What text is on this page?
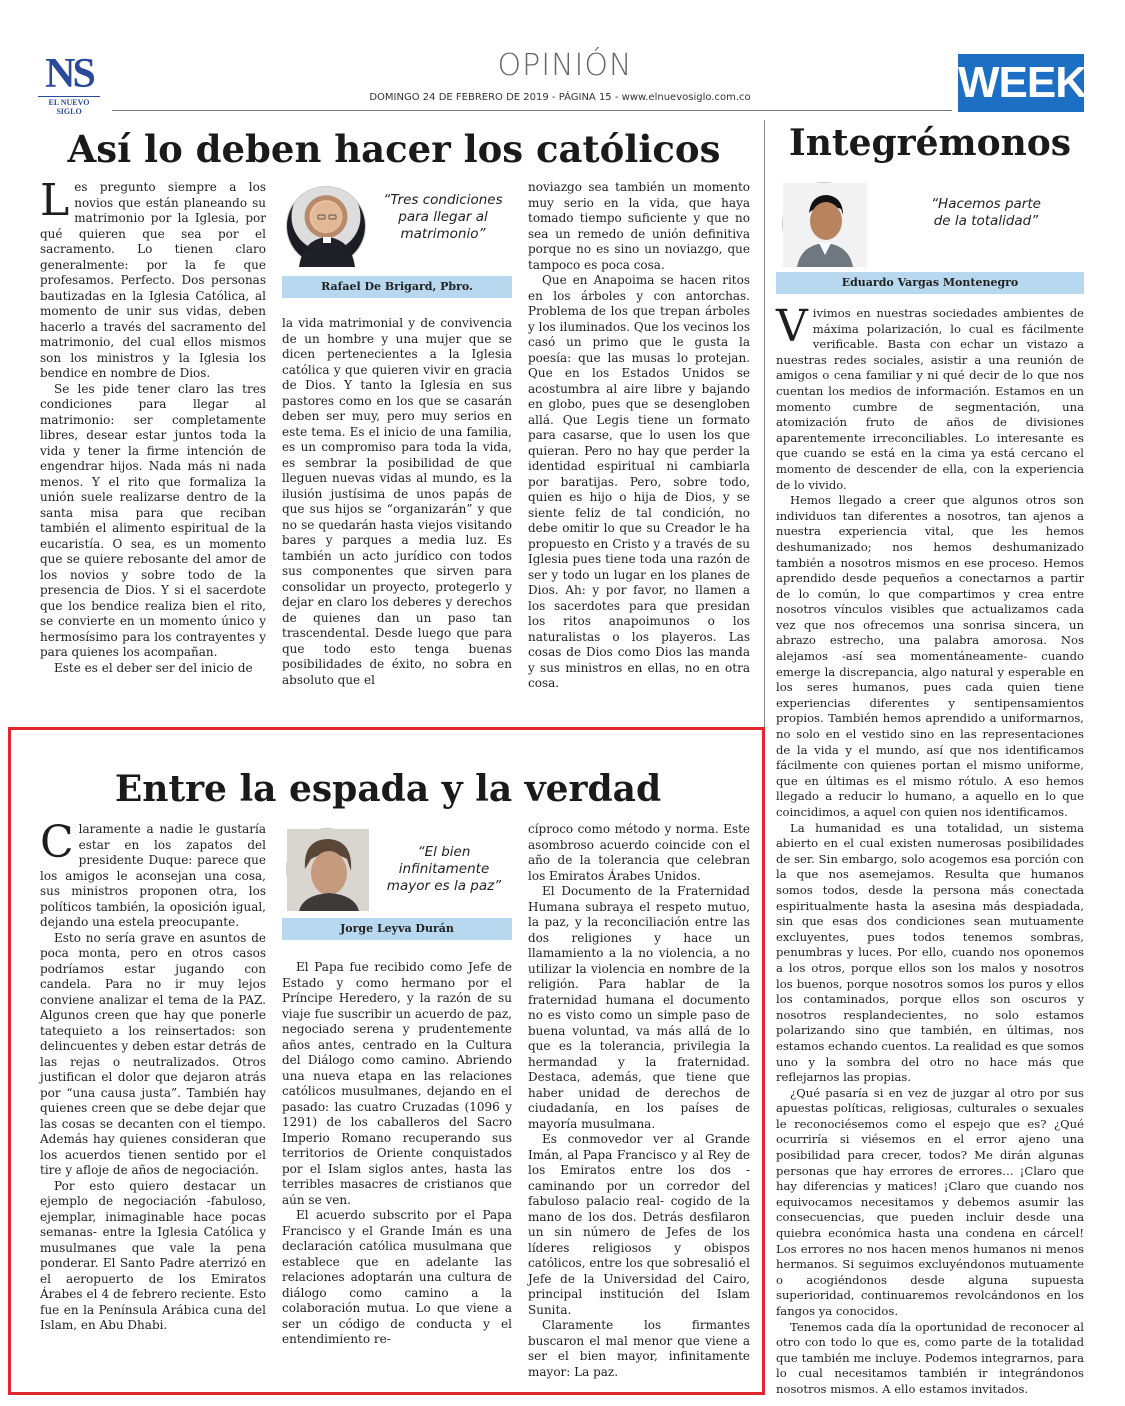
NS
EL NUEVO SIGLO
OPINIÓN
DOMINGO 24 DE FEBRERO DE 2019 - PÁGINA 15 - www.elnuevosiglo.com.co	WEEK
Así lo deben hacer los católicos

Les pregunto siempre a los novios que están planeando su matrimonio por la Iglesia, por qué quieren que sea por el sacramento. Lo tienen claro generalmente: por la fe que profesamos. Perfecto. Dos personas bautizadas en la Iglesia Católica, al momento de unir sus vidas, deben hacerlo a través del sacramento del matrimonio, del cual ellos mismos son los ministros y la Iglesia los bendice en nombre de Dios.

Se les pide tener claro las tres condiciones para llegar al matrimonio: ser completamente libres, desear estar juntos toda la vida y tener la firme intención de engendrar hijos. Nada más ni nada menos. Y el rito que formaliza la unión suele realizarse dentro de la santa misa para que reciban también el alimento espiritual de la eucaristía. O sea, es un momento que se quiere rebosante del amor de los novios y sobre todo de la presencia de Dios. Y si el sacerdote que los bendice realiza bien el rito, se convierte en un momento único y hermosísimo para los contrayentes y para quienes los acompañan.

Este es el deber ser del inicio de

“Tres condiciones para llegar al matrimonio”
Rafael De Brigard, Pbro.

la vida matrimonial y de convivencia de un hombre y una mujer que se dicen pertenecientes a la Iglesia católica y que quieren vivir en gracia de Dios. Y tanto la Iglesia en sus pastores como en los que se casarán deben ser muy, pero muy serios en este tema. Es el inicio de una familia, es un compromiso para toda la vida, es sembrar la posibilidad de que lleguen nuevas vidas al mundo, es la ilusión justísima de unos papás de que sus hijos se “organizarán” y que no se quedarán hasta viejos visitando bares y parques a media luz. Es también un acto jurídico con todos sus componentes que sirven para consolidar un proyecto, protegerlo y dejar en claro los deberes y derechos de quienes dan un paso tan trascendental. Desde luego que para que todo esto tenga buenas posibilidades de éxito, no sobra en absoluto que el

noviazgo sea también un momento muy serio en la vida, que haya tomado tiempo suficiente y que no sea un remedo de unión definitiva porque no es sino un noviazgo, que tampoco es poca cosa.

Que en Anapoima se hacen ritos en los árboles y con antorchas. Problema de los que trepan árboles y los iluminados. Que los vecinos los casó un primo que le gusta la poesía: que las musas lo protejan. Que en los Estados Unidos se acostumbra al aire libre y bajando en globo, pues que se desengloben allá. Que Legis tiene un formato para casarse, que lo usen los que quieran. Pero no hay que perder la identidad espiritual ni cambiarla por baratijas. Pero, sobre todo, quien es hijo o hija de Dios, y se siente feliz de tal condición, no debe omitir lo que su Creador le ha propuesto en Cristo y a través de su Iglesia pues tiene toda una razón de ser y todo un lugar en los planes de Dios. Ah: y por favor, no llamen a los sacerdotes para que presidan los ritos anapoimunos o los naturalistas o los playeros. Las cosas de Dios como Dios las manda y sus ministros en ellas, no en otra cosa.

Integrémonos
“Hacemos parte de la totalidad”
Eduardo Vargas Montenegro

Vivimos en nuestras sociedades ambientes de máxima polarización, lo cual es fácilmente verificable. Basta con echar un vistazo a nuestras redes sociales, asistir a una reunión de amigos o cena familiar y ni qué decir de lo que nos cuentan los medios de información. Estamos en un momento cumbre de segmentación, una atomización fruto de años de divisiones aparentemente irreconciliables. Lo interesante es que cuando se está en la cima ya está cercano el momento de descender de ella, con la experiencia de lo vivido.

Hemos llegado a creer que algunos otros son individuos tan diferentes a nosotros, tan ajenos a nuestra experiencia vital, que les hemos deshumanizado; nos hemos deshumanizado también a nosotros mismos en ese proceso. Hemos aprendido desde pequeños a conectarnos a partir de lo común, lo que compartimos y crea entre nosotros vínculos visibles que actualizamos cada vez que nos ofrecemos una sonrisa sincera, un abrazo estrecho, una palabra amorosa. Nos alejamos -así sea momentáneamente- cuando emerge la discrepancia, algo natural y esperable en los seres humanos, pues cada quien tiene experiencias diferentes y sentipensamientos propios. También hemos aprendido a uniformarnos, no solo en el vestido sino en las representaciones de la vida y el mundo, así que nos identificamos fácilmente con quienes portan el mismo uniforme, que en últimas es el mismo rótulo. A eso hemos llegado a reducir lo humano, a aquello en lo que coincidimos, a aquel con quien nos identificamos.

La humanidad es una totalidad, un sistema abierto en el cual existen numerosas posibilidades de ser. Sin embargo, solo acogemos esa porción con la que nos asemejamos. Resulta que humanos somos todos, desde la persona más conectada espiritualmente hasta la asesina más despiadada, sin que esas dos condiciones sean mutuamente excluyentes, pues todos tenemos sombras, penumbras y luces. Por ello, cuando nos oponemos a los otros, porque ellos son los malos y nosotros los buenos, porque nosotros somos los puros y ellos los contaminados, porque ellos son oscuros y nosotros resplandecientes, no solo estamos polarizando sino que también, en últimas, nos estamos echando cuentos. La realidad es que somos uno y la sombra del otro no hace más que reflejarnos las propias.

¿Qué pasaría si en vez de juzgar al otro por sus apuestas políticas, religiosas, culturales o sexuales le reconociésemos como el espejo que es? ¿Qué ocurriría si viésemos en el error ajeno una posibilidad para crecer, todos? Me dirán algunas personas que hay errores de errores… ¡Claro que hay diferencias y matices! ¡Claro que cuando nos equivocamos necesitamos y debemos asumir las consecuencias, que pueden incluir desde una quiebra económica hasta una condena en cárcel! Los errores no nos hacen menos humanos ni menos hermanos. Si seguimos excluyéndonos mutuamente o acogiéndonos desde alguna supuesta superioridad, continuaremos revolcándonos en los fangos ya conocidos.

Tenemos cada día la oportunidad de reconocer al otro con todo lo que es, como parte de la totalidad que también me incluye. Podemos integrarnos, para lo cual necesitamos también ir integrándonos nosotros mismos. A ello estamos invitados.

Entre la espada y la verdad

Claramente a nadie le gustaría estar en los zapatos del presidente Duque: parece que los amigos le aconsejan una cosa, sus ministros proponen otra, los políticos también, la oposición igual, dejando una estela preocupante.

Esto no sería grave en asuntos de poca monta, pero en otros casos podríamos estar jugando con candela. Para no ir muy lejos conviene analizar el tema de la PAZ. Algunos creen que hay que ponerle tatequieto a los reinsertados: son delincuentes y deben estar detrás de las rejas o neutralizados. Otros justifican el dolor que dejaron atrás por “una causa justa”. También hay quienes creen que se debe dejar que las cosas se decanten con el tiempo. Además hay quienes consideran que los acuerdos tienen sentido por el tire y afloje de años de negociación.

Por esto quiero destacar un ejemplo de negociación -fabuloso, ejemplar, inimaginable hace pocas semanas- entre la Iglesia Católica y musulmanes que vale la pena ponderar. El Santo Padre aterrizó en el aeropuerto de los Emiratos Árabes el 4 de febrero reciente. Esto fue en la Península Arábica cuna del Islam, en Abu Dhabi.

“El bien infinitamente mayor es la paz”
Jorge Leyva Durán

El Papa fue recibido como Jefe de Estado y como hermano por el Príncipe Heredero, y la razón de su viaje fue suscribir un acuerdo de paz, negociado serena y prudentemente años antes, centrado en la Cultura del Diálogo como camino. Abriendo una nueva etapa en las relaciones católicos musulmanes, dejando en el pasado: las cuatro Cruzadas (1096 y 1291) de los caballeros del Sacro Imperio Romano recuperando sus territorios de Oriente conquistados por el Islam siglos antes, hasta las terribles masacres de cristianos que aún se ven.

El acuerdo subscrito por el Papa Francisco y el Grande Imán es una declaración católica musulmana que establece que en adelante las relaciones adoptarán una cultura de diálogo como camino a la colaboración mutua. Lo que viene a ser un código de conducta y el entendimiento re-

cíproco como método y norma. Este asombroso acuerdo coincide con el año de la tolerancia que celebran los Emiratos Árabes Unidos.

El Documento de la Fraternidad Humana subraya el respeto mutuo, la paz, y la reconciliación entre las dos religiones y hace un llamamiento a la no violencia, a no utilizar la violencia en nombre de la religión. Para hablar de la fraternidad humana el documento no es visto como un simple paso de buena voluntad, va más allá de lo que es la tolerancia, privilegia la hermandad y la fraternidad. Destaca, además, que tiene que haber unidad de derechos de ciudadanía, en los países de mayoría musulmana.

Es conmovedor ver al Grande Imán, al Papa Francisco y al Rey de los Emiratos entre los dos -caminando por un corredor del fabuloso palacio real- cogido de la mano de los dos. Detrás desfilaron un sin número de Jefes de los líderes religiosos y obispos católicos, entre los que sobresalió el Jefe de la Universidad del Cairo, principal institución del Islam Sunita.

Claramente los firmantes buscaron el mal menor que viene a ser el bien mayor, infinitamente mayor: La paz.
